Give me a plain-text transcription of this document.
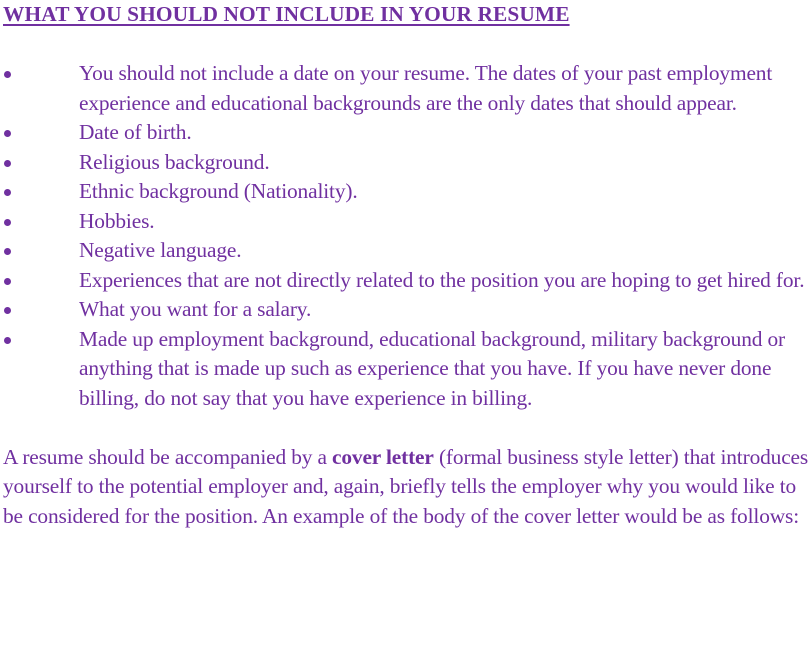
WHAT YOU SHOULD NOT INCLUDE IN YOUR RESUME
You should not include a date on your resume. The dates of your past employment experience and educational backgrounds are the only dates that should appear.
Date of birth.
Religious background.
Ethnic background (Nationality).
Hobbies.
Negative language.
Experiences that are not directly related to the position you are hoping to get hired for.
What you want for a salary.
Made up employment background, educational background, military background or anything that is made up such as experience that you have. If you have never done billing, do not say that you have experience in billing.

A resume should be accompanied by a cover letter (formal business style letter) that introduces yourself to the potential employer and, again, briefly tells the employer why you would like to be considered for the position. An example of the body of the cover letter would be as follows:
